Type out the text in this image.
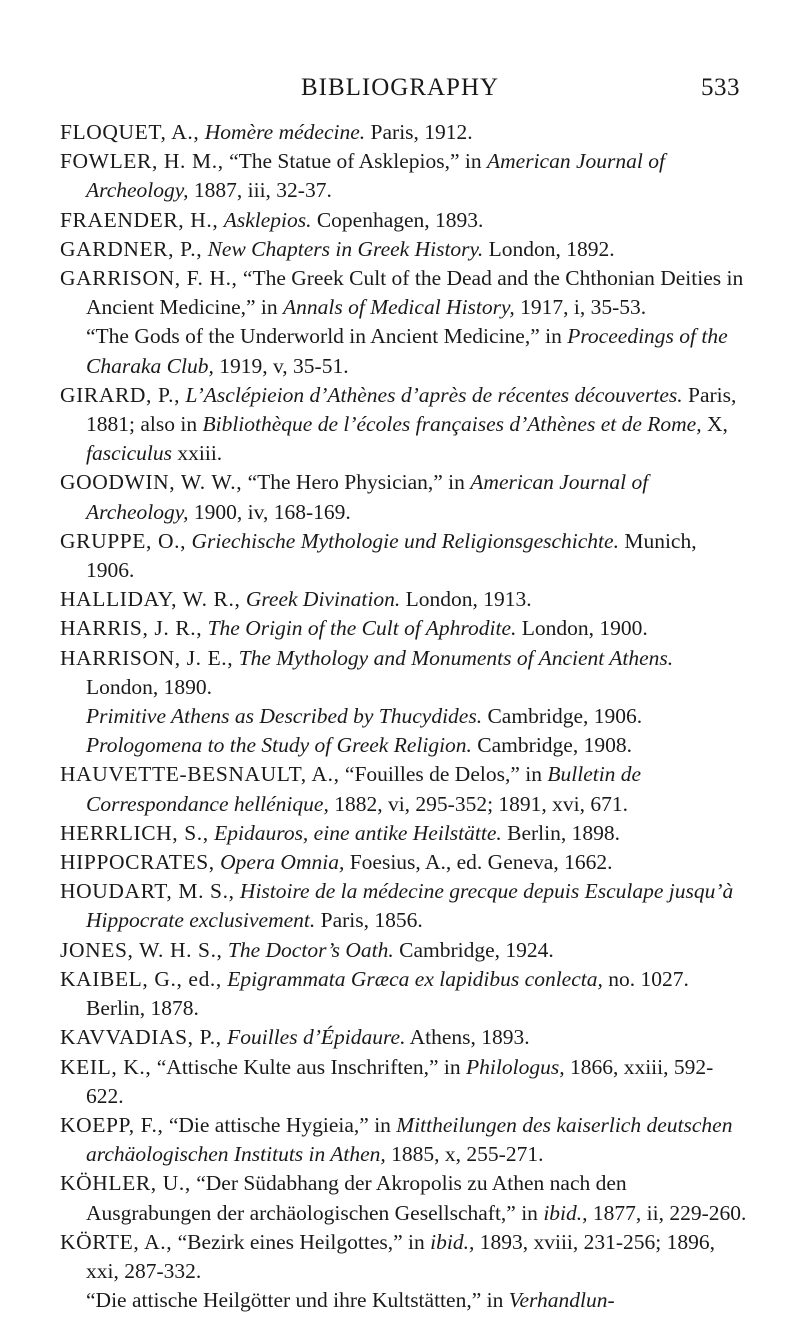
BIBLIOGRAPHY	533

FLOQUET, A., Homère médecine. Paris, 1912.

FOWLER, H. M., “The Statue of Asklepios,” in American Journal of Archeology, 1887, iii, 32-37.

FRAENDER, H., Asklepios. Copenhagen, 1893.

GARDNER, P., New Chapters in Greek History. London, 1892.

GARRISON, F. H., “The Greek Cult of the Dead and the Chthonian Deities in Ancient Medicine,” in Annals of Medical History, 1917, i, 35-53.

“The Gods of the Underworld in Ancient Medicine,” in Proceedings of the Charaka Club, 1919, v, 35-51.

GIRARD, P., L’Asclépieion d’Athènes d’après de récentes découvertes. Paris, 1881; also in Bibliothèque de l’écoles françaises d’Athènes et de Rome, X, fasciculus xxiii.

GOODWIN, W. W., “The Hero Physician,” in American Journal of Archeology, 1900, iv, 168-169.

GRUPPE, O., Griechische Mythologie und Religionsgeschichte. Munich, 1906.

HALLIDAY, W. R., Greek Divination. London, 1913.

HARRIS, J. R., The Origin of the Cult of Aphrodite. London, 1900.

HARRISON, J. E., The Mythology and Monuments of Ancient Athens. London, 1890.

Primitive Athens as Described by Thucydides. Cambridge, 1906.

Prologomena to the Study of Greek Religion. Cambridge, 1908.

HAUVETTE-BESNAULT, A., “Fouilles de Delos,” in Bulletin de Correspondance hellénique, 1882, vi, 295-352; 1891, xvi, 671.

HERRLICH, S., Epidauros, eine antike Heilstätte. Berlin, 1898.

HIPPOCRATES, Opera Omnia, Foesius, A., ed. Geneva, 1662.

HOUDART, M. S., Histoire de la médecine grecque depuis Esculape jusqu’à Hippocrate exclusivement. Paris, 1856.

JONES, W. H. S., The Doctor’s Oath. Cambridge, 1924.

KAIBEL, G., ed., Epigrammata Græca ex lapidibus conlecta, no. 1027. Berlin, 1878.

KAVVADIAS, P., Fouilles d’Épidaure. Athens, 1893.

KEIL, K., “Attische Kulte aus Inschriften,” in Philologus, 1866, xxiii, 592-622.

KOEPP, F., “Die attische Hygieia,” in Mittheilungen des kaiserlich deutschen archäologischen Instituts in Athen, 1885, x, 255-271.

KÖHLER, U., “Der Südabhang der Akropolis zu Athen nach den Ausgrabungen der archäologischen Gesellschaft,” in ibid., 1877, ii, 229-260.

KÖRTE, A., “Bezirk eines Heilgottes,” in ibid., 1893, xviii, 231-256; 1896, xxi, 287-332.

“Die attische Heilgötter und ihre Kultstätten,” in Verhandlun-
